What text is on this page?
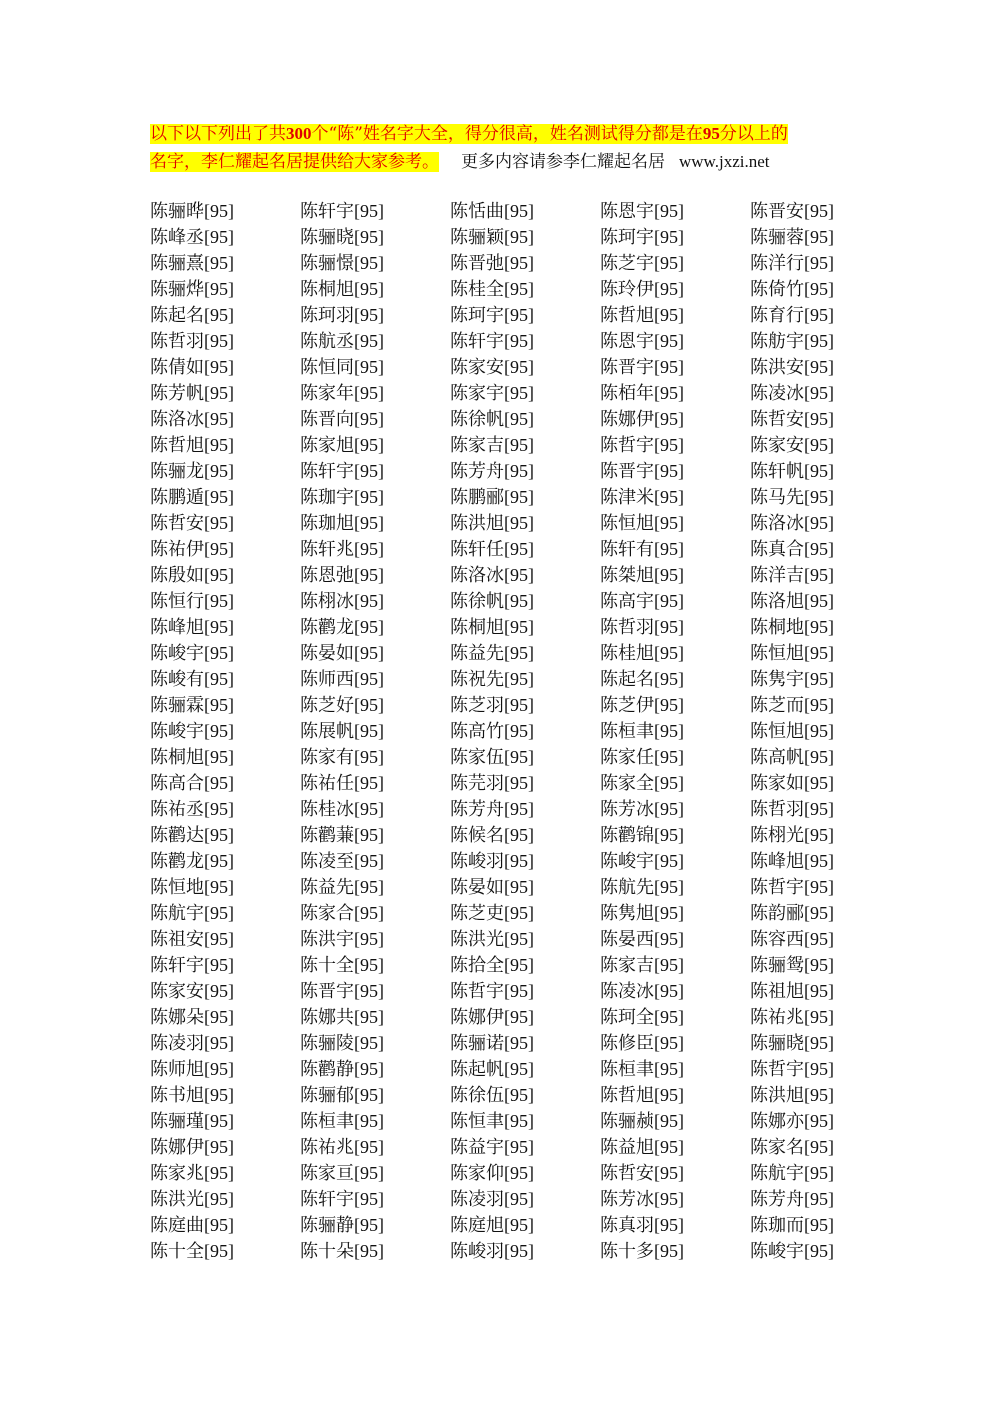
以下以下列出了共300个“陈”姓名字大全，得分很高，姓名测试得分都是在95分以上的
名字，李仁耀起名居提供给大家参考。 更多内容请参李仁耀起名居 www.jxzi.net
陈骊晔[95]	陈轩宇[95]	陈恬曲[95]	陈恩宇[95]	陈晋安[95]
陈峰丞[95]	陈骊晓[95]	陈骊颖[95]	陈珂宇[95]	陈骊蓉[95]
陈骊熹[95]	陈骊憬[95]	陈晋弛[95]	陈芝宇[95]	陈洋行[95]
陈骊烨[95]	陈桐旭[95]	陈桂全[95]	陈玲伊[95]	陈倚竹[95]
陈起名[95]	陈珂羽[95]	陈珂宇[95]	陈哲旭[95]	陈育行[95]
陈哲羽[95]	陈航丞[95]	陈轩宇[95]	陈恩宇[95]	陈舫宇[95]
陈倩如[95]	陈恒同[95]	陈家安[95]	陈晋宇[95]	陈洪安[95]
陈芳帆[95]	陈家年[95]	陈家宇[95]	陈栢年[95]	陈凌冰[95]
陈洛冰[95]	陈晋向[95]	陈徐帆[95]	陈娜伊[95]	陈哲安[95]
陈哲旭[95]	陈家旭[95]	陈家吉[95]	陈哲宇[95]	陈家安[95]
陈骊龙[95]	陈轩宇[95]	陈芳舟[95]	陈晋宇[95]	陈轩帆[95]
陈鹏遁[95]	陈珈宇[95]	陈鹏郦[95]	陈津米[95]	陈马先[95]
陈哲安[95]	陈珈旭[95]	陈洪旭[95]	陈恒旭[95]	陈洛冰[95]
陈祐伊[95]	陈轩兆[95]	陈轩任[95]	陈轩有[95]	陈真合[95]
陈殷如[95]	陈恩弛[95]	陈洛冰[95]	陈桀旭[95]	陈洋吉[95]
陈恒行[95]	陈栩冰[95]	陈徐帆[95]	陈高宇[95]	陈洛旭[95]
陈峰旭[95]	陈鹳龙[95]	陈桐旭[95]	陈哲羽[95]	陈桐地[95]
陈峻宇[95]	陈晏如[95]	陈益先[95]	陈桂旭[95]	陈恒旭[95]
陈峻有[95]	陈师西[95]	陈祝先[95]	陈起名[95]	陈隽宇[95]
陈骊霖[95]	陈芝好[95]	陈芝羽[95]	陈芝伊[95]	陈芝而[95]
陈峻宇[95]	陈展帆[95]	陈高竹[95]	陈桓聿[95]	陈恒旭[95]
陈桐旭[95]	陈家有[95]	陈家伍[95]	陈家任[95]	陈高帆[95]
陈高合[95]	陈祐任[95]	陈芫羽[95]	陈家全[95]	陈家如[95]
陈祐丞[95]	陈桂冰[95]	陈芳舟[95]	陈芳冰[95]	陈哲羽[95]
陈鹳达[95]	陈鹳蒹[95]	陈候名[95]	陈鹳锦[95]	陈栩光[95]
陈鹳龙[95]	陈凌至[95]	陈峻羽[95]	陈峻宇[95]	陈峰旭[95]
陈恒地[95]	陈益先[95]	陈晏如[95]	陈航先[95]	陈哲宇[95]
陈航宇[95]	陈家合[95]	陈芝吏[95]	陈隽旭[95]	陈韵郦[95]
陈祖安[95]	陈洪宇[95]	陈洪光[95]	陈晏西[95]	陈容西[95]
陈轩宇[95]	陈十全[95]	陈拾全[95]	陈家吉[95]	陈骊鸳[95]
陈家安[95]	陈晋宇[95]	陈哲宇[95]	陈凌冰[95]	陈祖旭[95]
陈娜朵[95]	陈娜共[95]	陈娜伊[95]	陈珂全[95]	陈祐兆[95]
陈凌羽[95]	陈骊陵[95]	陈骊诺[95]	陈修臣[95]	陈骊晓[95]
陈师旭[95]	陈鹳静[95]	陈起帆[95]	陈桓聿[95]	陈哲宇[95]
陈书旭[95]	陈骊郁[95]	陈徐伍[95]	陈哲旭[95]	陈洪旭[95]
陈骊瑾[95]	陈桓聿[95]	陈恒聿[95]	陈骊赪[95]	陈娜亦[95]
陈娜伊[95]	陈祐兆[95]	陈益宇[95]	陈益旭[95]	陈家名[95]
陈家兆[95]	陈家亘[95]	陈家仰[95]	陈哲安[95]	陈航宇[95]
陈洪光[95]	陈轩宇[95]	陈凌羽[95]	陈芳冰[95]	陈芳舟[95]
陈庭曲[95]	陈骊静[95]	陈庭旭[95]	陈真羽[95]	陈珈而[95]
陈十全[95]	陈十朵[95]	陈峻羽[95]	陈十多[95]	陈峻宇[95]
